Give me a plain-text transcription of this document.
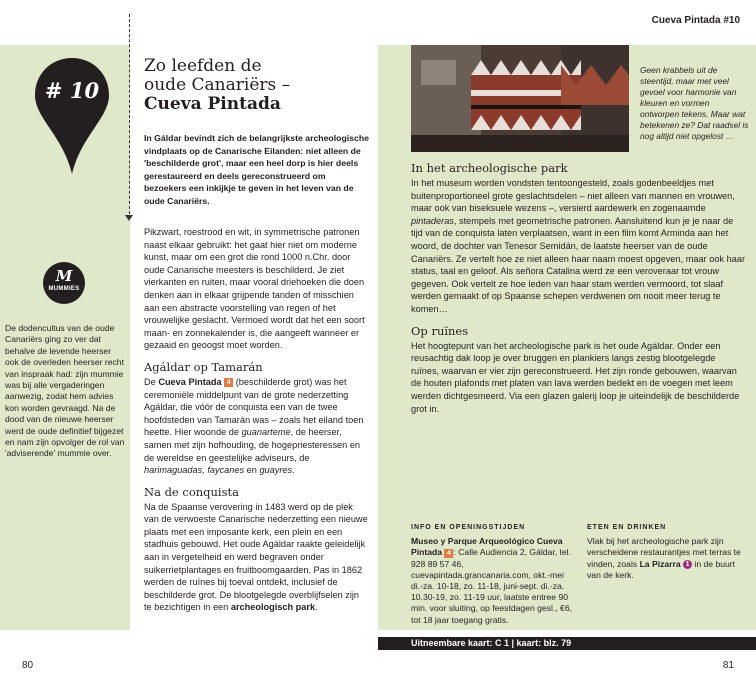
# 10
M
MUMMIES
De dodencultus van de oude Canariërs ging zo ver dat behalve de levende heerser ook de overleden heerser recht van inspraak had: zijn mummie was bij alle vergaderingen aanwezig, zodat hem advies kon worden gevraagd. Na de dood van de nieuwe heerser werd de oude definitief bijgezet en nam zijn opvolger de rol van 'adviserende' mummie over.
Zo leefden de
oude Canariërs –
Cueva Pintada
In Gáldar bevindt zich de belangrijkste archeologische vindplaats op de Canarische Eilanden: niet alleen de 'beschilderde grot', maar een heel dorp is hier deels gerestaureerd en deels gereconstrueerd om bezoekers een inkijkje te geven in het leven van de oude Canariërs.

Pikzwart, roestrood en wit, in symmetrische patronen naast elkaar gebruikt: het gaat hier niet om moderne kunst, maar om een grot die rond 1000 n.Chr. door oude Canarische meesters is beschilderd. Je ziet vierkanten en ruiten, maar vooral driehoeken die doen denken aan in elkaar grijpende tanden of misschien aan een abstracte voorstelling van regen of het vrouwelijke geslacht. Vermoed wordt dat het een soort maan- en zonnekalender is, die aangeeft wanneer er gezaaid en geoogst moet worden.

Agáldar op Tamarán

De Cueva Pintada 4 (beschilderde grot) was het ceremoniële middelpunt van de grote nederzetting Agáldar, die vóór de conquista een van de twee hoofdsteden van Tamarán was – zoals het eiland toen heette. Hier woonde de guanarteme, de heerser, samen met zijn hofhouding, de hogepriesteressen en de wereldse en geestelijke adviseurs, de harimaguadas, faycanes en guayres.

Na de conquista

Na de Spaanse verovering in 1483 werd op de plek van de verwoeste Canarische nederzetting een nieuwe plaats met een imposante kerk, een plein en een stadhuis gebouwd. Het oude Agáldar raakte geleidelijk aan in vergetelheid en werd begraven onder suikerrietplantages en fruitboomgaarden. Pas in 1862 werden de ruïnes bij toeval ontdekt, inclusief de beschilderde grot. De blootgelegde overblijfselen zijn te bezichtigen in een archeologisch park.

80
Cueva Pintada #10
Geen krabbels uit de steentijd, maar met veel gevoel voor harmonie van kleuren en vormen ontworpen tekens. Maar wat betekenen ze? Dat raadsel is nog altijd niet opgelost …
In het archeologische park

In het museum worden vondsten tentoongesteld, zoals godenbeeldjes met buitenproportioneel grote geslachtsdelen – niet alleen van mannen en vrouwen, maar ook van biseksuele wezens –, versierd aardewerk en zogenaamde pintaderas, stempels met geometrische patronen. Aansluitend kun je je naar de tijd van de conquista laten verplaatsen, want in een film komt Arminda aan het woord, de dochter van Tenesor Semidán, de laatste heerser van de oude Canariërs. Ze vertelt hoe ze niet alleen haar naam moest opgeven, maar ook haar status, taal en geloof. Als señora Catalina werd ze een veroveraar tot vrouw gegeven. Ook vertelt ze hoe leden van haar stam werden vermoord, tot slaaf werden gemaakt of op Spaanse schepen verdwenen om nooit meer terug te komen…

Op ruïnes

Het hoogtepunt van het archeologische park is het oude Agáldar. Onder een reusachtig dak loop je over bruggen en plankiers langs zestig blootgelegde ruïnes, waarvan er vier zijn gereconstrueerd. Het zijn ronde gebouwen, waarvan de houten plafonds met platen van lava werden bedekt en de voegen met leem werden dichtgesmeerd. Via een glazen galerij loop je uiteindelijk de beschilderde grot in.

INFO EN OPENINGSTIJDEN
Museo y Parque Arqueológico Cueva Pintada 4 : Calle Audiencia 2, Gáldar, tel. 928 89 57 46, cuevapintada.grancanaria.com, okt.-mei di.-za. 10-18, zo. 11-18, juni-sept. di.-za. 10.30-19, zo. 11-19 uur, laatste entree 90 min. voor sluiting, op feestdagen gesl., €6, tot 18 jaar toegang gratis.
ETEN EN DRINKEN
Vlak bij het archeologische park zijn verscheidene restaurantjes met terras te vinden, zoals La Pizarra 1 in de buurt van de kerk.
Uitneembare kaart: C 1 | kaart: blz. 79
81
